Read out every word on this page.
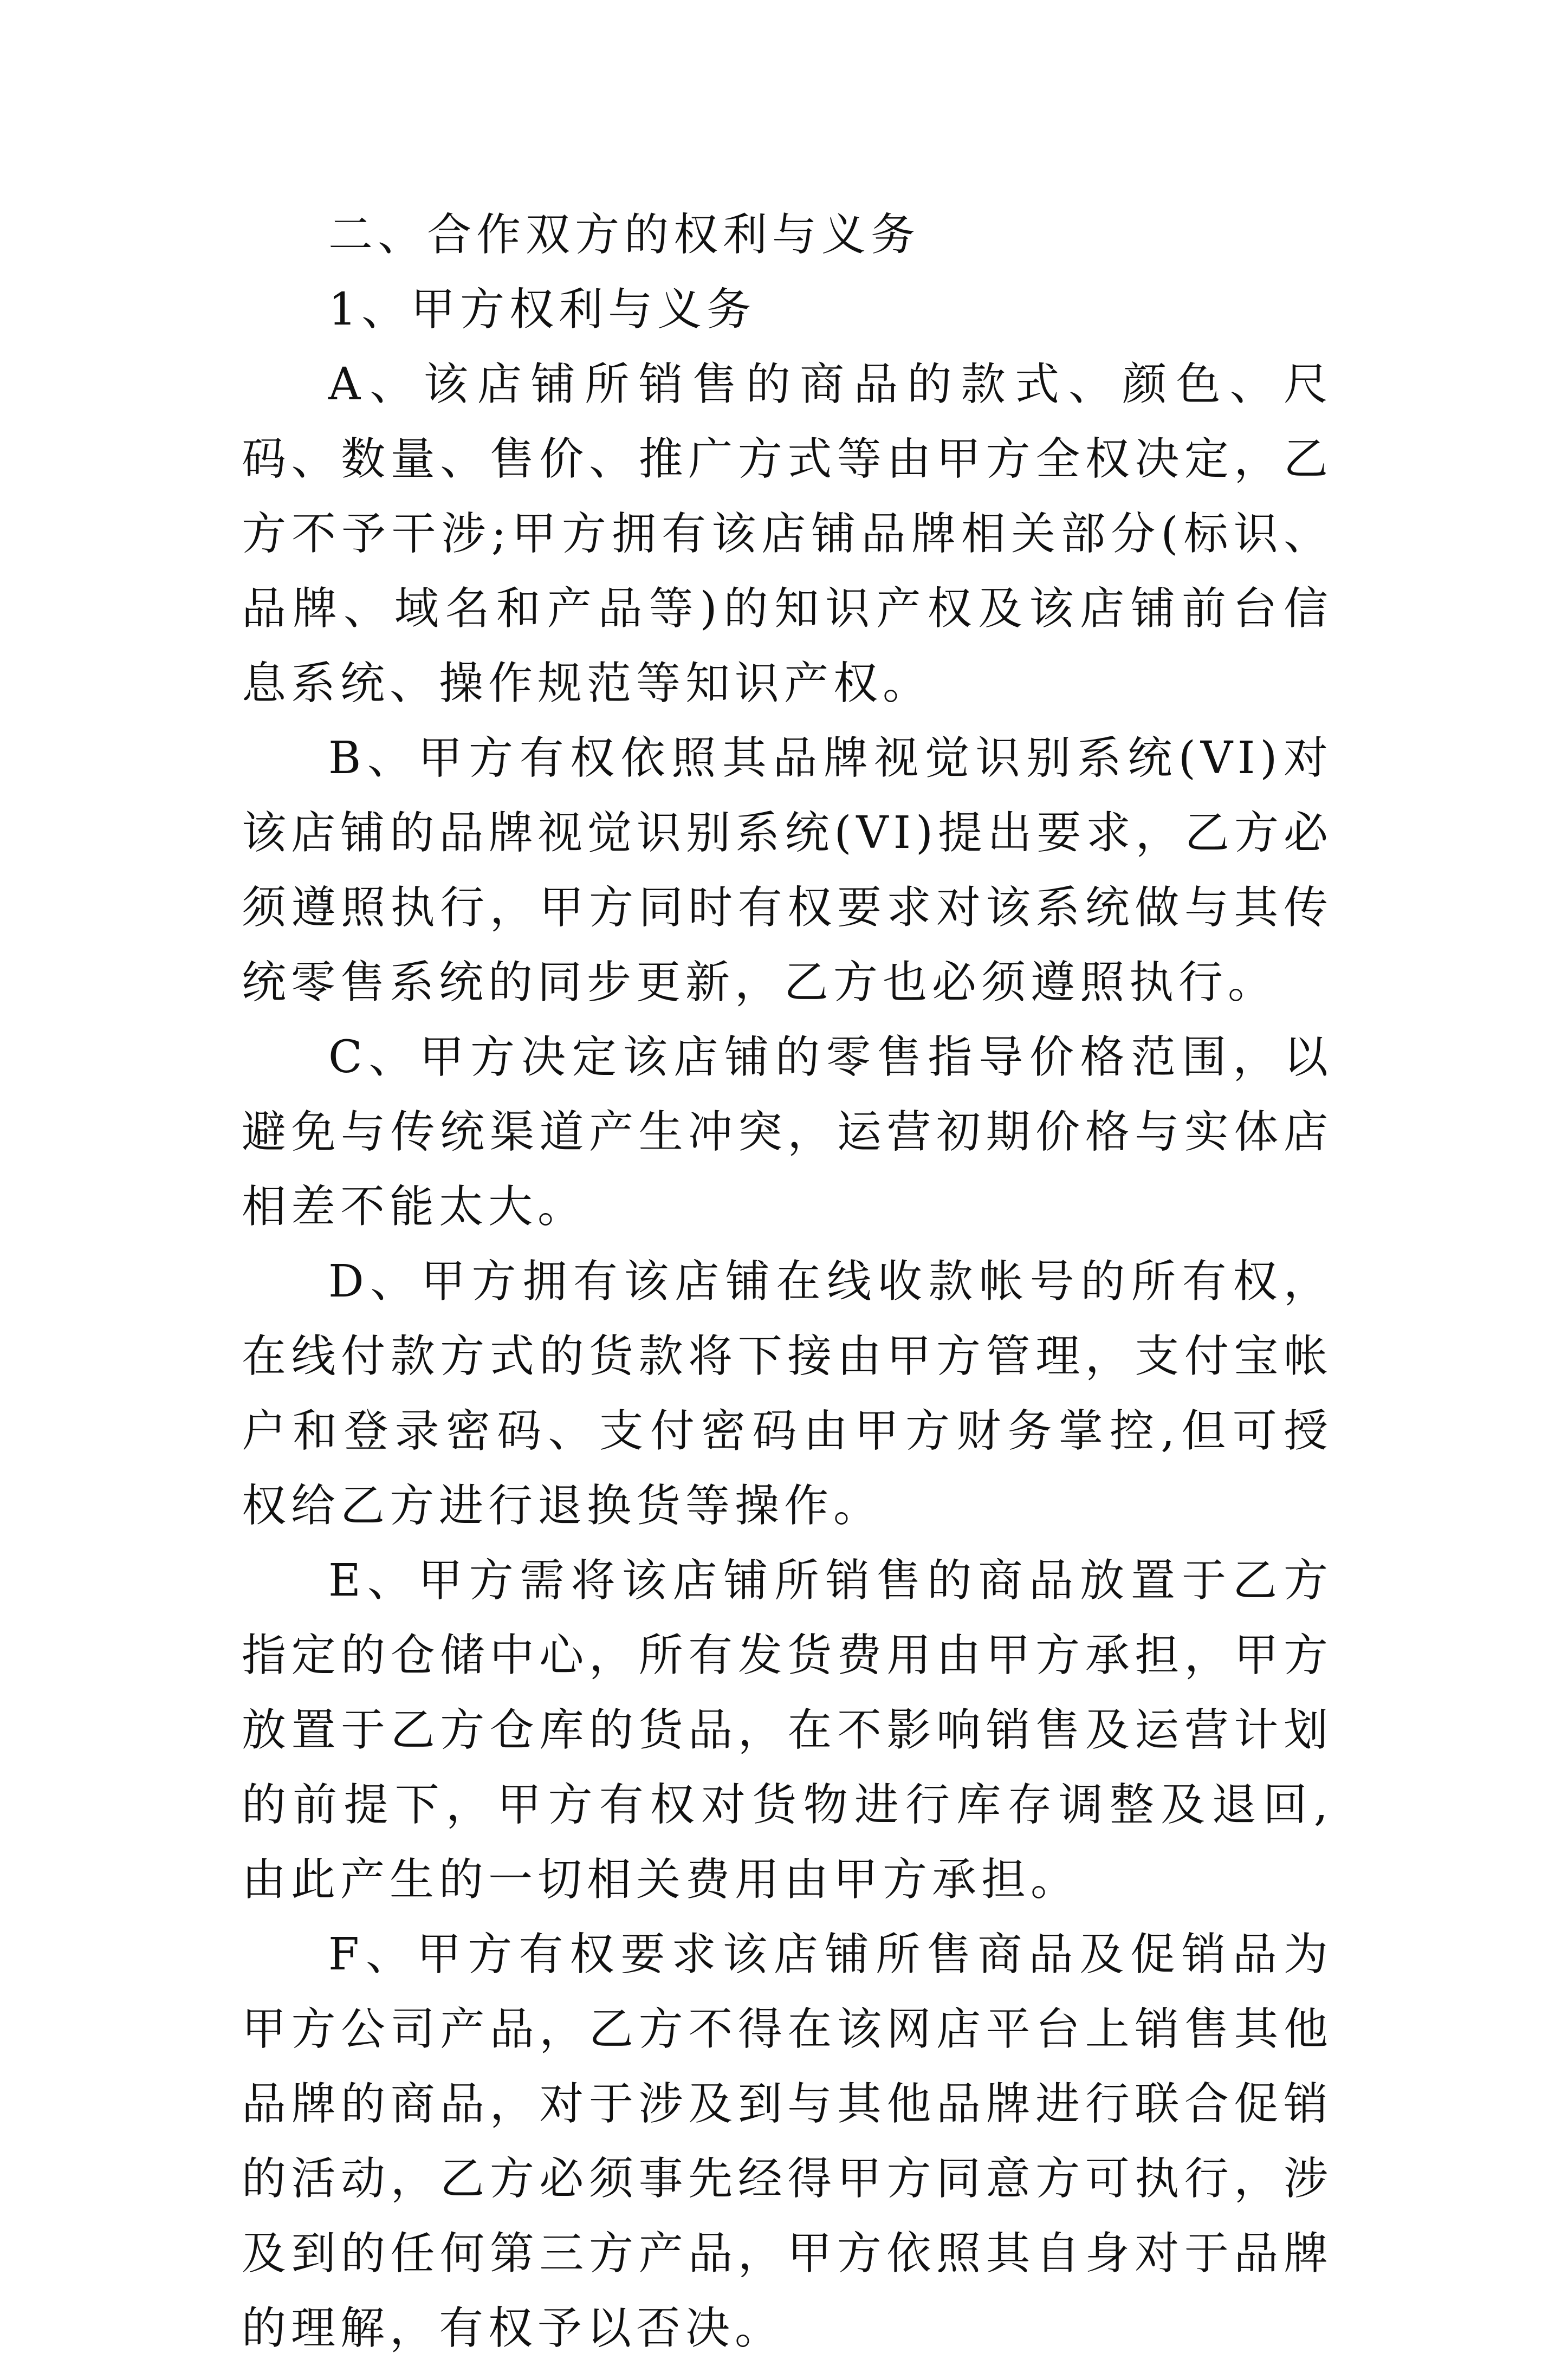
二、合作双方的权利与义务

1、甲方权利与义务

A、该店铺所销售的商品的款式、颜色、尺码、数量、售价、推广方式等由甲方全权决定，乙方不予干涉;甲方拥有该店铺品牌相关部分(标识、品牌、域名和产品等)的知识产权及该店铺前台信息系统、操作规范等知识产权。

B、甲方有权依照其品牌视觉识别系统(VI)对该店铺的品牌视觉识别系统(VI)提出要求，乙方必须遵照执行，甲方同时有权要求对该系统做与其传统零售系统的同步更新，乙方也必须遵照执行。

C、甲方决定该店铺的零售指导价格范围，以避免与传统渠道产生冲突，运营初期价格与实体店相差不能太大。

D、甲方拥有该店铺在线收款帐号的所有权，在线付款方式的货款将下接由甲方管理，支付宝帐户和登录密码、支付密码由甲方财务掌控,但可授权给乙方进行退换货等操作。

E、甲方需将该店铺所销售的商品放置于乙方指定的仓储中心，所有发货费用由甲方承担，甲方放置于乙方仓库的货品，在不影响销售及运营计划的前提下，甲方有权对货物进行库存调整及退回,由此产生的一切相关费用由甲方承担。

F、甲方有权要求该店铺所售商品及促销品为甲方公司产品，乙方不得在该网店平台上销售其他品牌的商品，对于涉及到与其他品牌进行联合促销的活动，乙方必须事先经得甲方同意方可执行，涉及到的任何第三方产品，甲方依照其自身对于品牌的理解，有权予以否决。
